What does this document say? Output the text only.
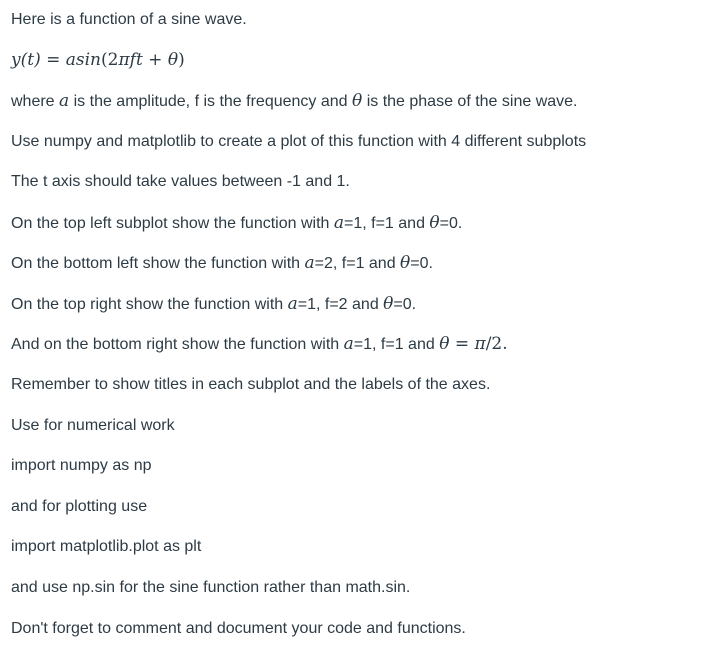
Here is a function of a sine wave.

y(t) = asin(2πft + θ)

where a is the amplitude, f is the frequency and θ is the phase of the sine wave.

Use numpy and matplotlib to create a plot of this function with 4 different subplots

The t axis should take values between -1 and 1.

On the top left subplot show the function with a=1, f=1 and θ=0.

On the bottom left show the function with a=2, f=1 and θ=0.

On the top right show the function with a=1, f=2 and θ=0.

And on the bottom right show the function with a=1, f=1 and θ = π/2.

Remember to show titles in each subplot and the labels of the axes.

Use for numerical work

import numpy as np

and for plotting use

import matplotlib.plot as plt

and use np.sin for the sine function rather than math.sin.

Don't forget to comment and document your code and functions.
